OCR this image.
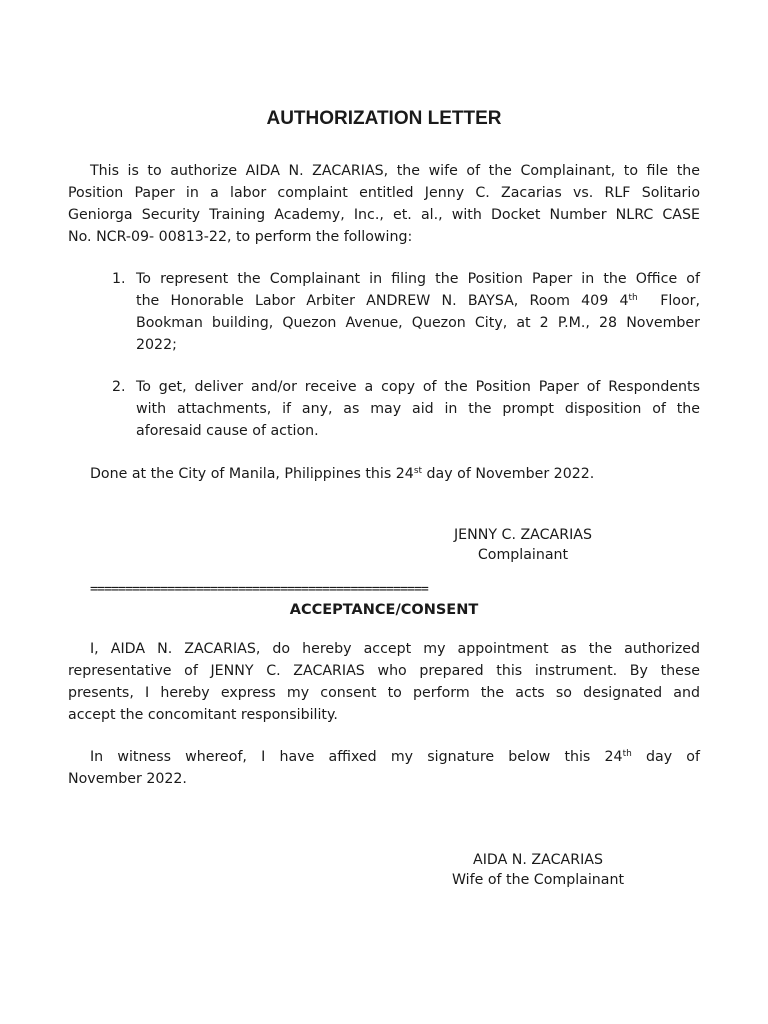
AUTHORIZATION LETTER
This is to authorize AIDA N. ZACARIAS, the wife of the Complainant, to file the
Position Paper in a labor complaint entitled Jenny C. Zacarias vs. RLF Solitario
Geniorga Security Training Academy, Inc., et. al., with Docket Number NLRC CASE
No. NCR-09- 00813-22, to perform the following:
1. To represent the Complainant in filing the Position Paper in the Office of
the Honorable Labor Arbiter ANDREW N. BAYSA, Room 409 4th  Floor,
Bookman building, Quezon Avenue, Quezon City, at 2 P.M., 28 November
2022;
2. To get, deliver and/or receive a copy of the Position Paper of Respondents
with attachments, if any, as may aid in the prompt disposition of the
aforesaid cause of action.
Done at the City of Manila, Philippines this 24st day of November 2022.
JENNY C. ZACARIAS
Complainant
================================================
ACCEPTANCE/CONSENT
I, AIDA N. ZACARIAS, do hereby accept my appointment as the authorized
representative of JENNY C. ZACARIAS who prepared this instrument. By these
presents, I hereby express my consent to perform the acts so designated and
accept the concomitant responsibility.
In witness whereof, I have affixed my signature below this 24th day of
November 2022.
AIDA N. ZACARIAS
Wife of the Complainant
